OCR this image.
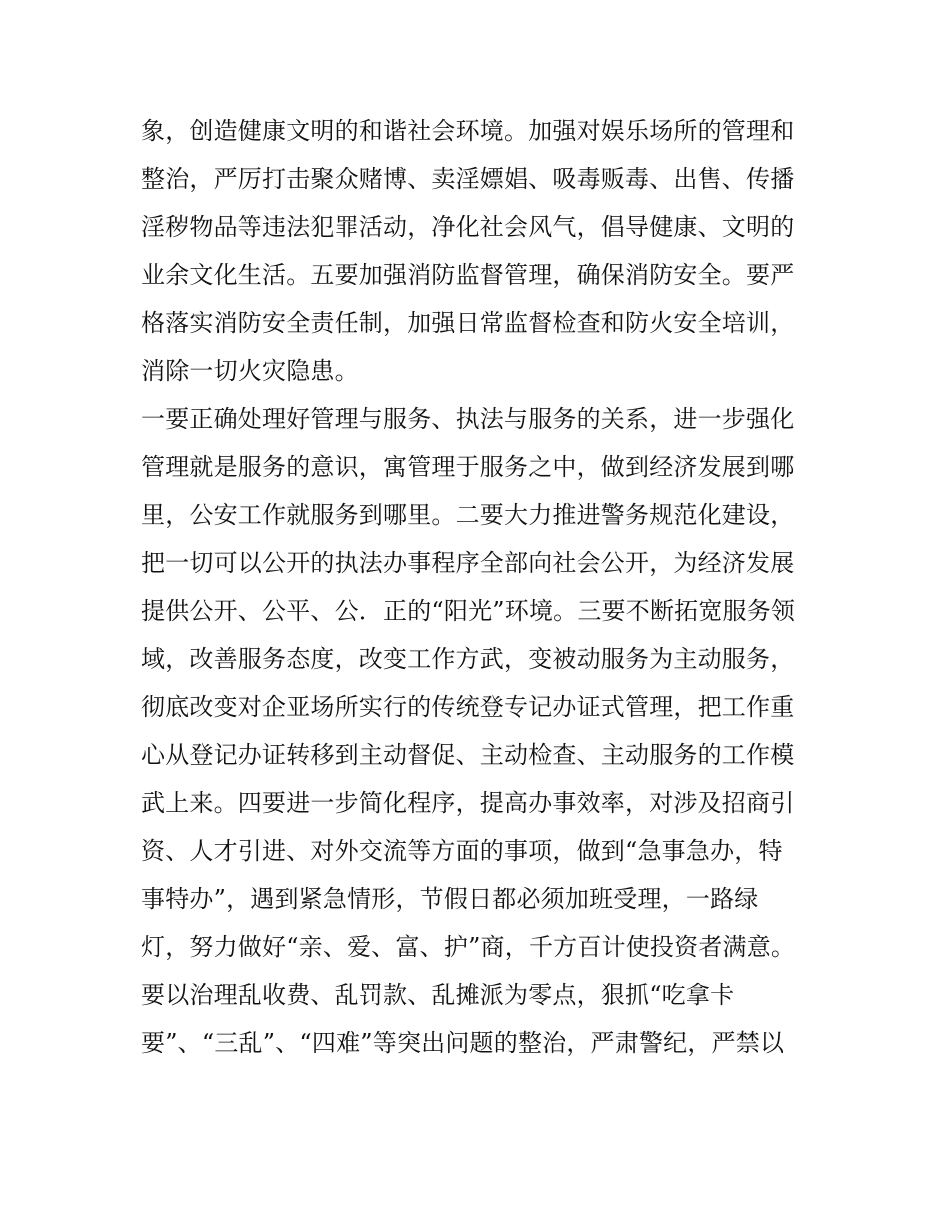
象，创造健康文明的和谐社会环境。加强对娱乐场所的管理和
整治，严厉打击聚众赌博、卖淫嫖娼、吸毒贩毒、出售、传播
淫秽物品等违法犯罪活动，净化社会风气，倡导健康、文明的
业余文化生活。五要加强消防监督管理，确保消防安全。要严
格落实消防安全责任制，加强日常监督检查和防火安全培训，
消除一切火灾隐患。
一要正确处理好管理与服务、执法与服务的关系，进一步强化
管理就是服务的意识，寓管理于服务之中，做到经济发展到哪
里，公安工作就服务到哪里。二要大力推进警务规范化建设，
把一切可以公开的执法办事程序全部向社会公开，为经济发展
提供公开、公平、公．正的“阳光”环境。三要不断拓宽服务领
域，改善服务态度，改变工作方武，变被动服务为主动服务，
彻底改变对企亚场所实行的传统登专记办证式管理，把工作重
心从登记办证转移到主动督促、主动检查、主动服务的工作模
武上来。四要进一步简化程序，提高办事效率，对涉及招商引
资、人才引进、对外交流等方面的事项，做到“急事急办，特
事特办”，遇到紧急情形，节假日都必须加班受理，一路绿
灯，努力做好“亲、爱、富、护”商，千方百计使投资者满意。
要以治理乱收费、乱罚款、乱摊派为零点，狠抓“吃拿卡
要”、“三乱”、“四难”等突出问题的整治，严肃警纪，严禁以
